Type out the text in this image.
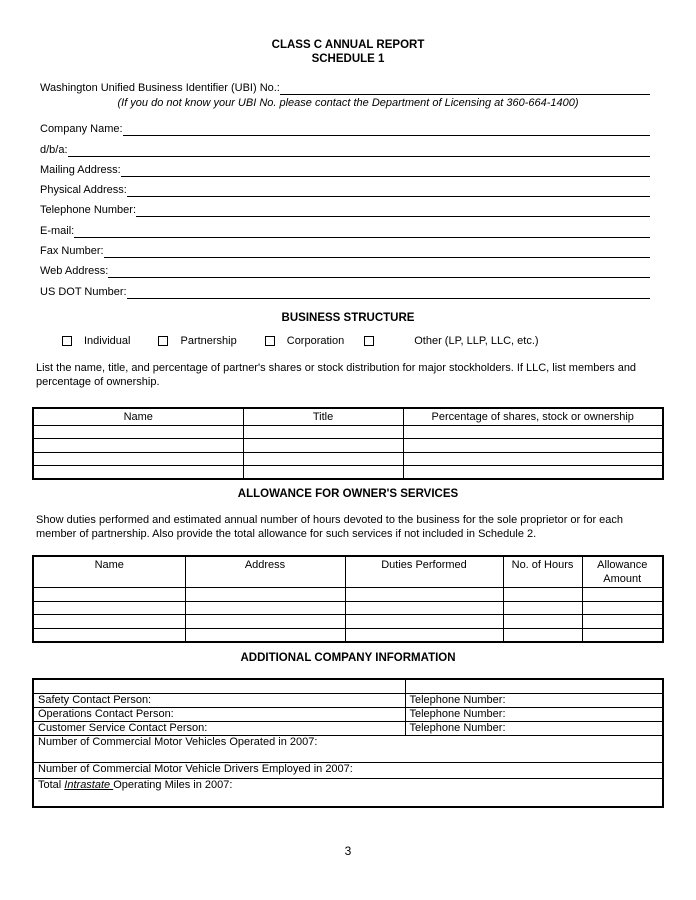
CLASS C ANNUAL REPORT
SCHEDULE 1
Washington Unified Business Identifier (UBI) No.:
(If you do not know your UBI No. please contact the Department of Licensing at 360-664-1400)
Company Name:
d/b/a:
Mailing Address:
Physical Address:
Telephone Number:
E-mail:
Fax Number:
Web Address:
US DOT Number:
BUSINESS STRUCTURE
Individual	Partnership	Corporation	Other (LP, LLP, LLC, etc.)
List the name, title, and percentage of partner's shares or stock distribution for major stockholders. If LLC, list members and percentage of ownership.
Name	Title	Percentage of shares, stock or ownership

ALLOWANCE FOR OWNER'S SERVICES
Show duties performed and estimated annual number of hours devoted to the business for the sole proprietor or for each member of partnership. Also provide the total allowance for such services if not included in Schedule 2.
Name	Address	Duties Performed	No. of Hours	Allowance Amount

ADDITIONAL COMPANY INFORMATION

Safety Contact Person:	Telephone Number:
Operations Contact Person:	Telephone Number:
Customer Service Contact Person:	Telephone Number:
Number of Commercial Motor Vehicles Operated in 2007:	
Number of Commercial Motor Vehicle Drivers Employed in 2007:	
Total Intrastate Operating Miles in 2007:	
3
